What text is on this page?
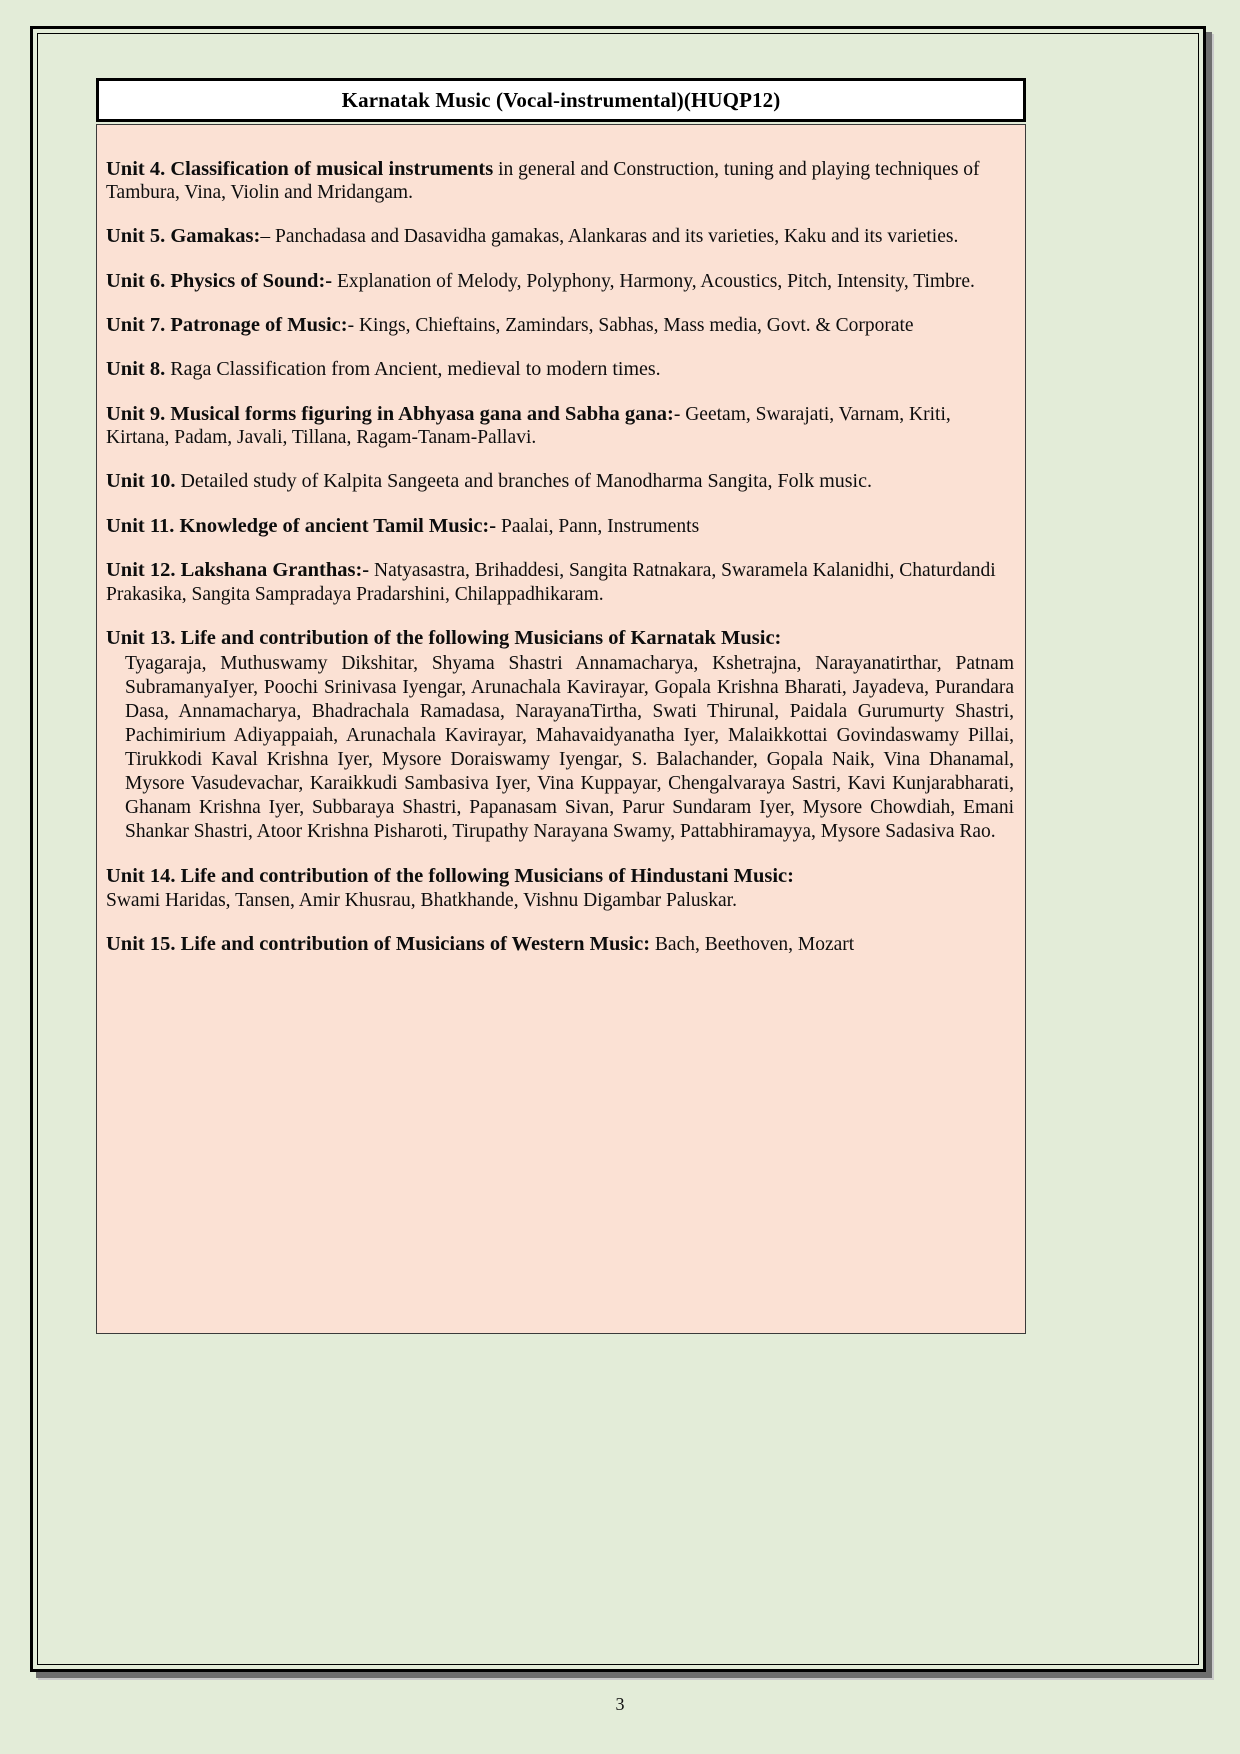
Karnatak Music (Vocal-instrumental)(HUQP12)

Unit 4. Classification of musical instruments in general and Construction, tuning and playing techniques of Tambura, Vina, Violin and Mridangam.

Unit 5. Gamakas:– Panchadasa and Dasavidha gamakas, Alankaras and its varieties, Kaku and its varieties.

Unit 6. Physics of Sound:- Explanation of Melody, Polyphony, Harmony, Acoustics, Pitch, Intensity, Timbre.

Unit 7. Patronage of Music:- Kings, Chieftains, Zamindars, Sabhas, Mass media, Govt. & Corporate

Unit 8. Raga Classification from Ancient, medieval to modern times.

Unit 9. Musical forms figuring in Abhyasa gana and Sabha gana:- Geetam, Swarajati, Varnam, Kriti, Kirtana, Padam, Javali, Tillana, Ragam-Tanam-Pallavi.

Unit 10. Detailed study of Kalpita Sangeeta and branches of Manodharma Sangita, Folk music.

Unit 11. Knowledge of ancient Tamil Music:- Paalai, Pann, Instruments

Unit 12. Lakshana Granthas:- Natyasastra, Brihaddesi, Sangita Ratnakara, Swaramela Kalanidhi, Chaturdandi Prakasika, Sangita Sampradaya Pradarshini, Chilappadhikaram.

Unit 13. Life and contribution of the following Musicians of Karnatak Music:
Tyagaraja, Muthuswamy Dikshitar, Shyama Shastri Annamacharya, Kshetrajna, Narayanatirthar, Patnam SubramanyaIyer, Poochi Srinivasa Iyengar, Arunachala Kavirayar, Gopala Krishna Bharati, Jayadeva, Purandara Dasa, Annamacharya, Bhadrachala Ramadasa, NarayanaTirtha, Swati Thirunal, Paidala Gurumurty Shastri, Pachimirium Adiyappaiah, Arunachala Kavirayar, Mahavaidyanatha Iyer, Malaikkottai Govindaswamy Pillai, Tirukkodi Kaval Krishna Iyer, Mysore Doraiswamy Iyengar, S. Balachander, Gopala Naik, Vina Dhanamal, Mysore Vasudevachar, Karaikkudi Sambasiva Iyer, Vina Kuppayar, Chengalvaraya Sastri, Kavi Kunjarabharati, Ghanam Krishna Iyer, Subbaraya Shastri, Papanasam Sivan, Parur Sundaram Iyer, Mysore Chowdiah, Emani Shankar Shastri, Atoor Krishna Pisharoti, Tirupathy Narayana Swamy, Pattabhiramayya, Mysore Sadasiva Rao.

Unit 14. Life and contribution of the following Musicians of Hindustani Music:
Swami Haridas, Tansen, Amir Khusrau, Bhatkhande, Vishnu Digambar Paluskar.

Unit 15. Life and contribution of Musicians of Western Music: Bach, Beethoven, Mozart

3
